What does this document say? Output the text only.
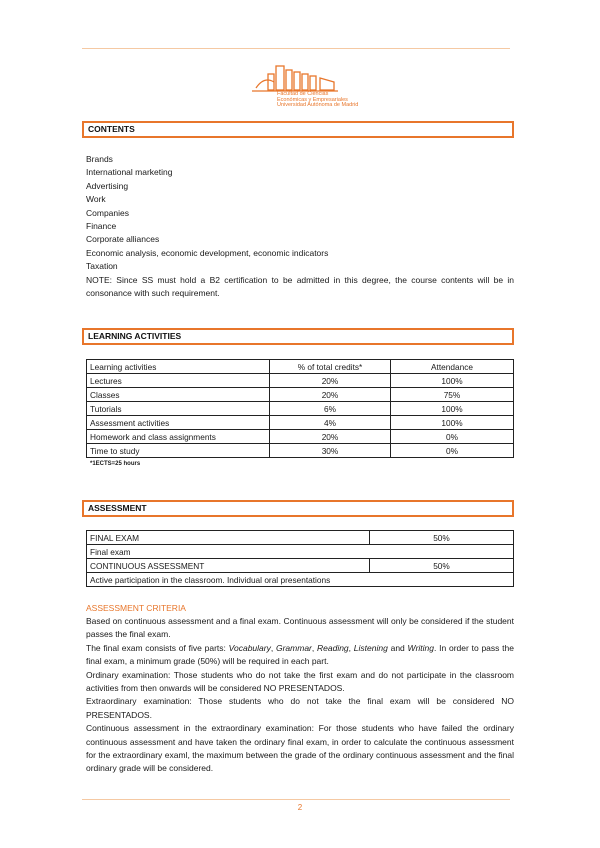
Facultad de Ciencias
Económicas y Empresariales
Universidad Autónoma de Madrid
CONTENTS
Brands
International marketing
Advertising
Work
Companies
Finance
Corporate alliances
Economic analysis, economic development, economic indicators
Taxation
NOTE: Since SS must hold a B2 certification to be admitted in this degree, the course contents will be in consonance with such requirement.
LEARNING ACTIVITIES
Learning activities	% of total credits*	Attendance
Lectures	20%	100%
Classes	20%	75%
Tutorials	6%	100%
Assessment activities	4%	100%
Homework and class assignments	20%	0%
Time to study	30%	0%
*1ECTS=25 hours
ASSESSMENT
FINAL EXAM	50%
Final exam	
CONTINUOUS ASSESSMENT	50%
Active participation in the classroom. Individual oral presentations	
ASSESSMENT CRITERIA
Based on continuous assessment and a final exam. Continuous assessment will only be considered if the student passes the final exam.
The final exam consists of five parts: Vocabulary, Grammar, Reading, Listening and Writing. In order to pass the final exam, a minimum grade (50%) will be required in each part.
Ordinary examination: Those students who do not take the first exam and do not participate in the classroom activities from then onwards will be considered NO PRESENTADOS.
Extraordinary examination: Those students who do not take the final exam will be considered NO PRESENTADOS.
Continuous assessment in the extraordinary examination: For those students who have failed the ordinary continuous assessment and have taken the ordinary final exam, in order to calculate the continuous assessment for the extraordinary examl, the maximum between the grade of the ordinary continuous assessment and the final ordinary grade will be considered.
2
